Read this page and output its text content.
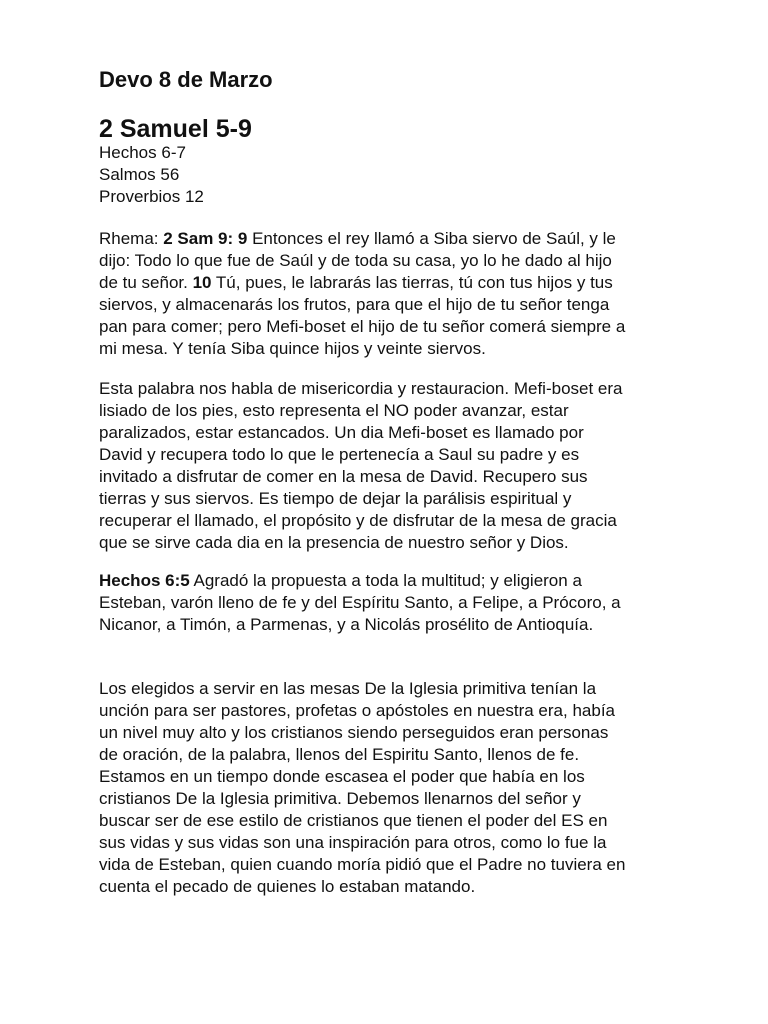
Devo 8 de Marzo
2 Samuel 5-9
Hechos 6-7
Salmos 56
Proverbios 12

Rhema: 2 Sam 9: 9 Entonces el rey llamó a Siba siervo de Saúl, y le
dijo: Todo lo que fue de Saúl y de toda su casa, yo lo he dado al hijo
de tu señor. 10 Tú, pues, le labrarás las tierras, tú con tus hijos y tus
siervos, y almacenarás los frutos, para que el hijo de tu señor tenga
pan para comer; pero Mefi-boset el hijo de tu señor comerá siempre a
mi mesa. Y tenía Siba quince hijos y veinte siervos.

Esta palabra nos habla de misericordia y restauracion. Mefi-boset era
lisiado de los pies, esto representa el NO poder avanzar, estar
paralizados, estar estancados. Un dia Mefi-boset es llamado por
David y recupera todo lo que le pertenecía a Saul su padre y es
invitado a disfrutar de comer en la mesa de David. Recupero sus
tierras y sus siervos. Es tiempo de dejar la parálisis espiritual y
recuperar el llamado, el propósito y de disfrutar de la mesa de gracia
que se sirve cada dia en la presencia de nuestro señor y Dios.

Hechos 6:5 Agradó la propuesta a toda la multitud; y eligieron a
Esteban, varón lleno de fe y del Espíritu Santo, a Felipe, a Prócoro, a
Nicanor, a Timón, a Parmenas, y a Nicolás prosélito de Antioquía.

Los elegidos a servir en las mesas De la Iglesia primitiva tenían la
unción para ser pastores, profetas o apóstoles en nuestra era, había
un nivel muy alto y los cristianos siendo perseguidos eran personas
de oración, de la palabra, llenos del Espiritu Santo, llenos de fe.
Estamos en un tiempo donde escasea el poder que había en los
cristianos De la Iglesia primitiva. Debemos llenarnos del señor y
buscar ser de ese estilo de cristianos que tienen el poder del ES en
sus vidas y sus vidas son una inspiración para otros, como lo fue la
vida de Esteban, quien cuando moría pidió que el Padre no tuviera en
cuenta el pecado de quienes lo estaban matando.
